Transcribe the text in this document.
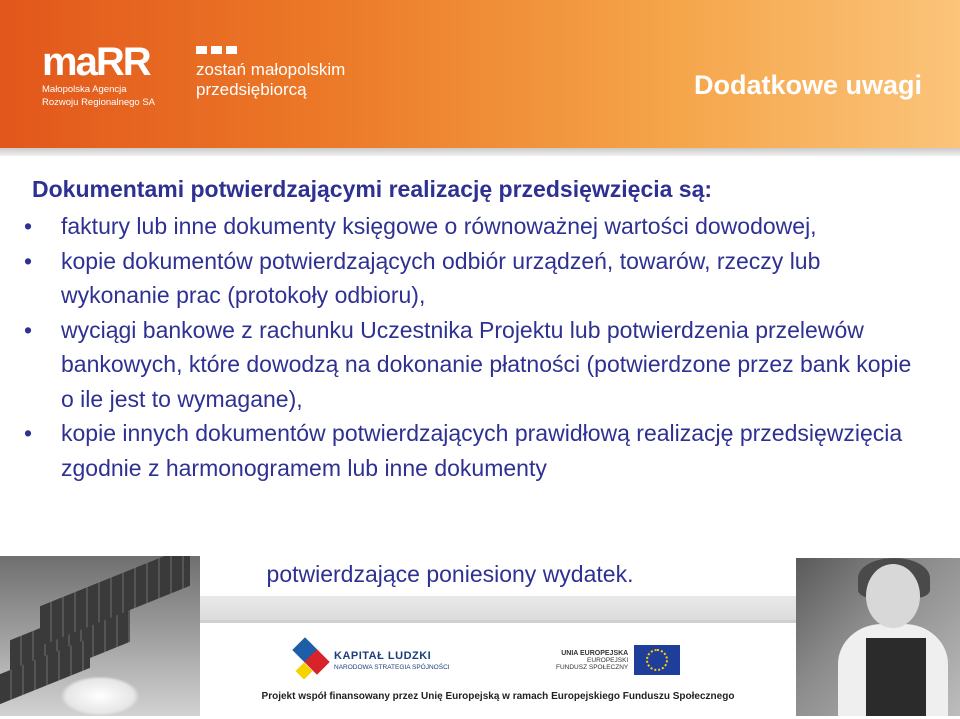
maRR
Małopolska Agencja
Rozwoju Regionalnego SA
zostań małopolskim
przedsiębiorcą	Dodatkowe uwagi
Dokumentami potwierdzającymi realizację przedsięwzięcia są:
• faktury lub inne dokumenty księgowe o równoważnej wartości dowodowej,
• kopie dokumentów potwierdzających odbiór urządzeń, towarów, rzeczy lub wykonanie prac (protokoły odbioru),
• wyciągi bankowe z rachunku Uczestnika Projektu lub potwierdzenia przelewów bankowych, które dowodzą na dokonanie płatności (potwierdzone przez bank kopie o ile jest to wymagane),
• kopie innych dokumentów potwierdzających prawidłową realizację przedsięwzięcia zgodnie z harmonogramem lub inne dokumenty
KAPITAŁ LUDZKI
NARODOWA STRATEGIA SPÓJNOŚCI
UNIA EUROPEJSKA
EUROPEJSKI
FUNDUSZ SPOŁECZNY
Projekt współ finansowany przez Unię Europejską w ramach Europejskiego Funduszu Społecznego

potwierdzające poniesiony wydatek.
